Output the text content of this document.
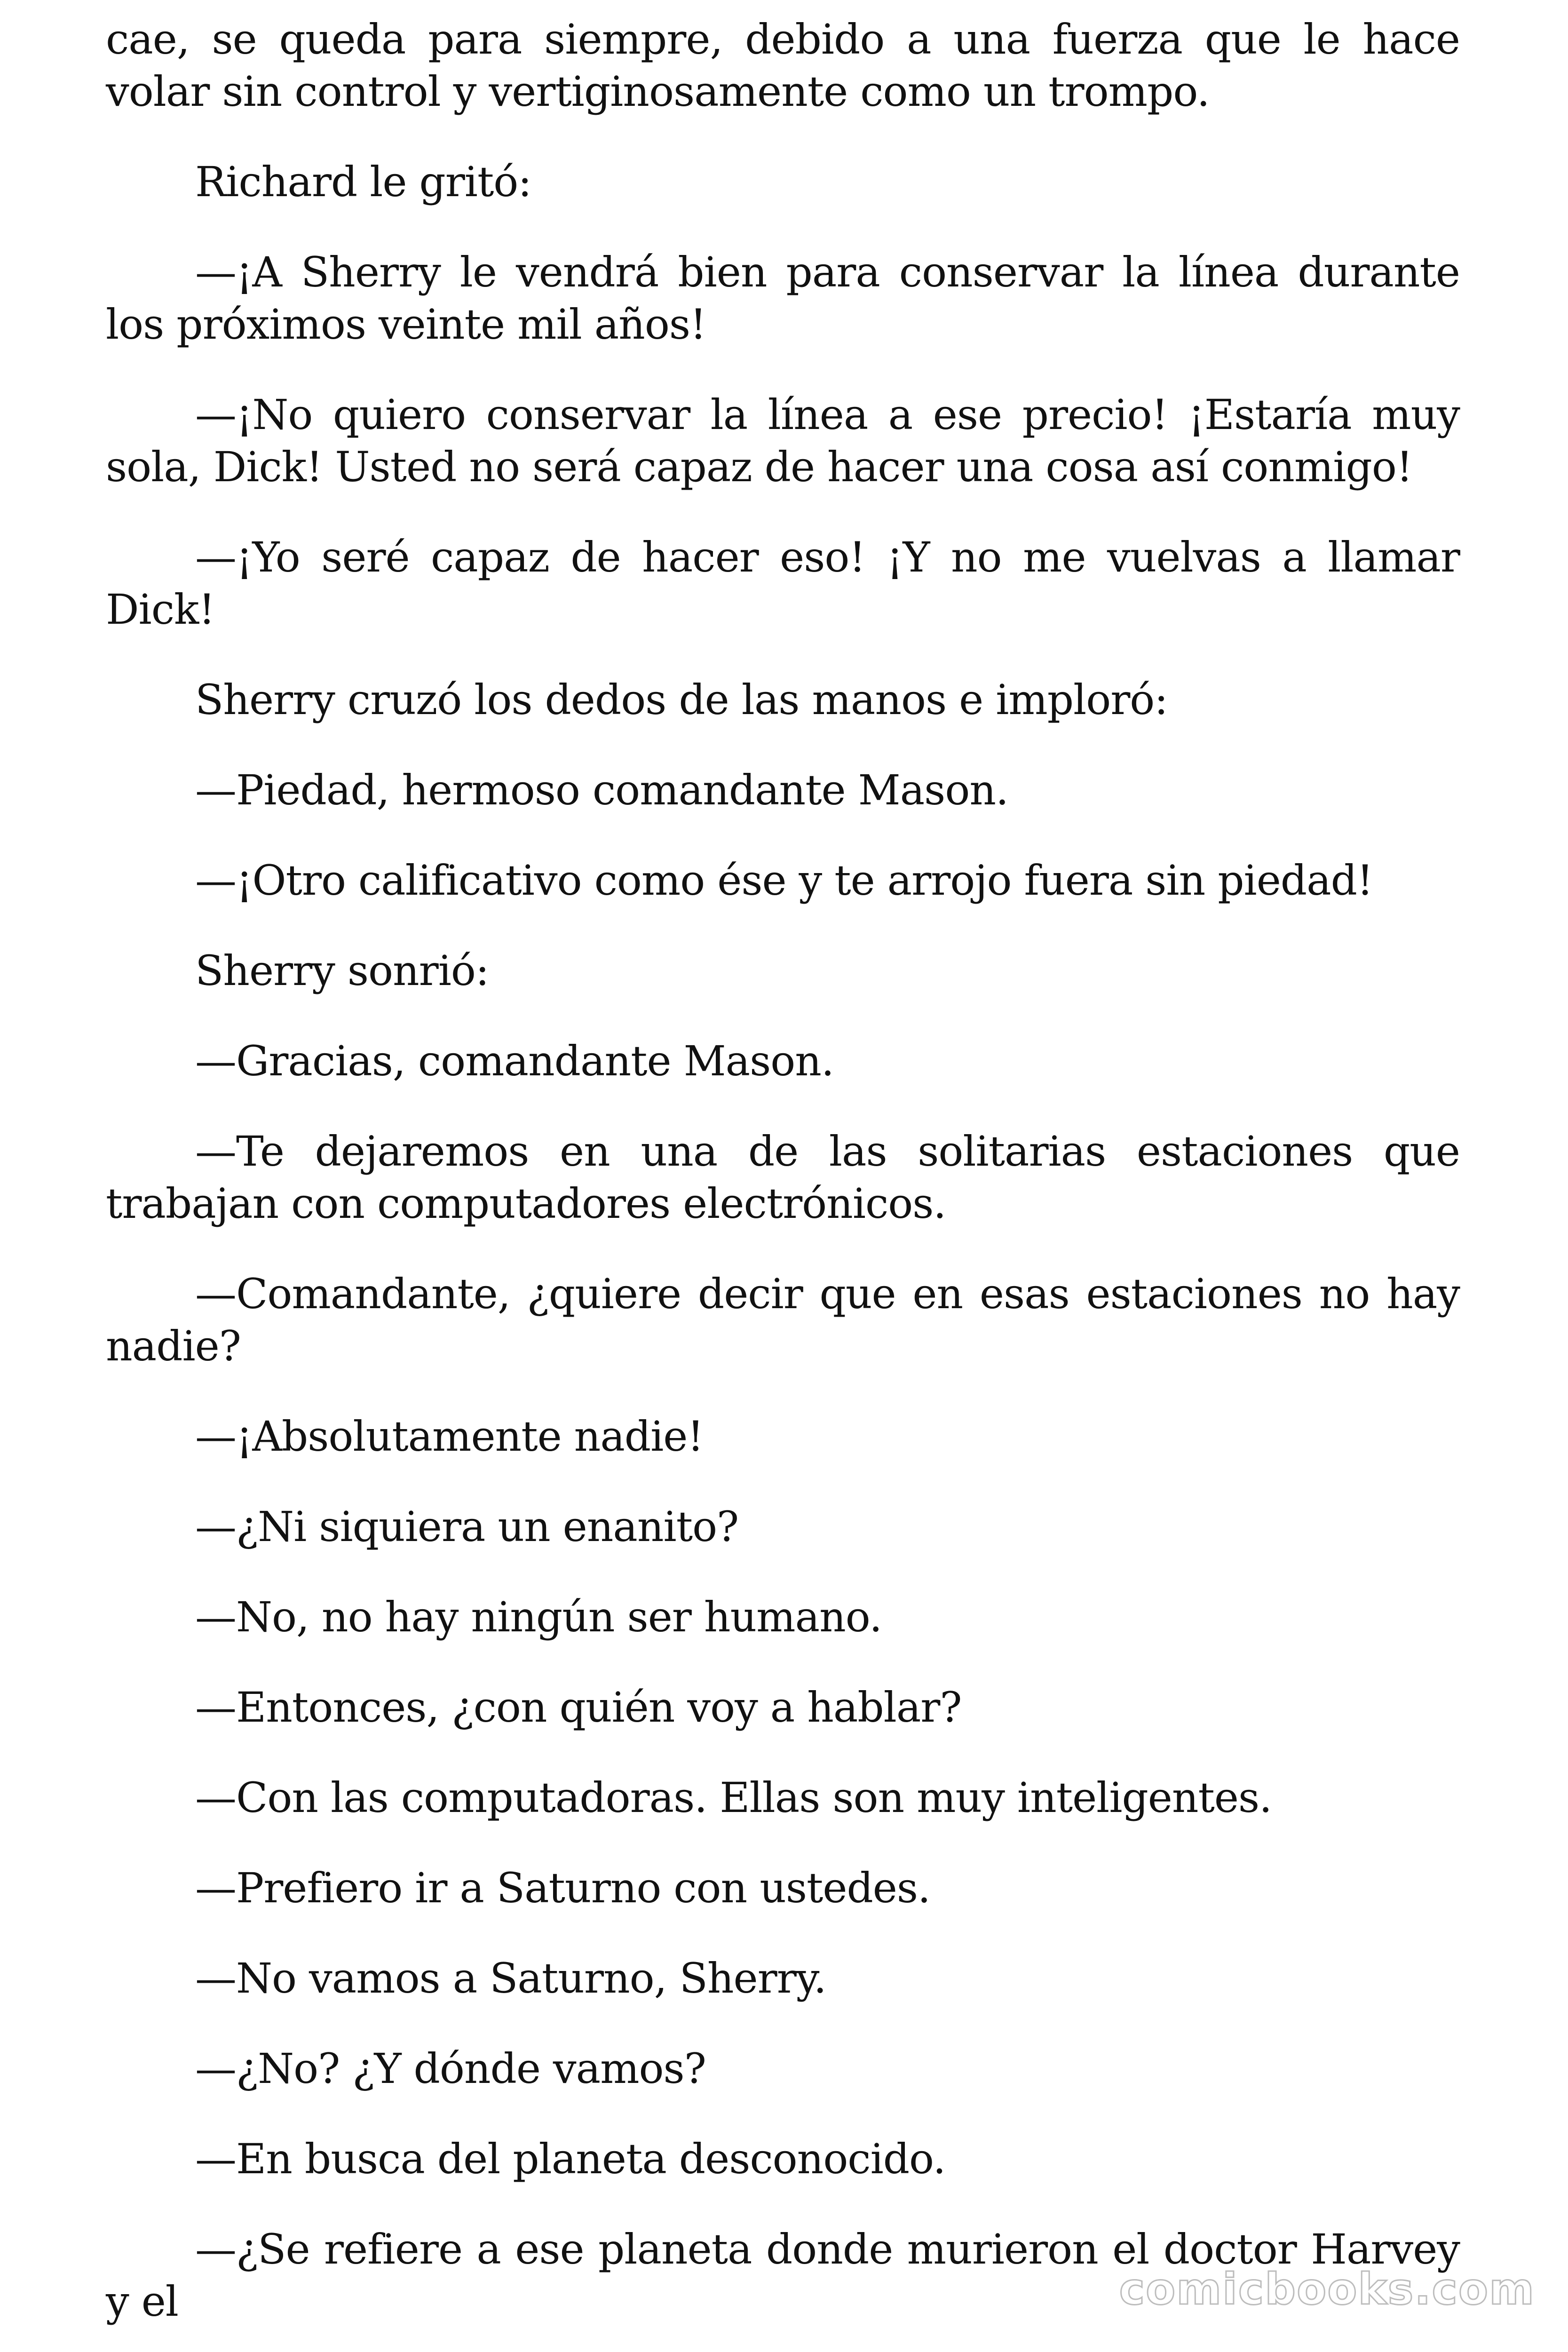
cae, se queda para siempre, debido a una fuerza que le hace volar sin control y vertiginosamente como un trompo.

Richard le gritó:

—¡A Sherry le vendrá bien para conservar la línea durante los próximos veinte mil años!

—¡No quiero conservar la línea a ese precio! ¡Estaría muy sola, Dick! Usted no será capaz de hacer una cosa así conmigo!

—¡Yo seré capaz de hacer eso! ¡Y no me vuelvas a llamar Dick!

Sherry cruzó los dedos de las manos e imploró:

—Piedad, hermoso comandante Mason.

—¡Otro calificativo como ése y te arrojo fuera sin piedad!

Sherry sonrió:

—Gracias, comandante Mason.

—Te dejaremos en una de las solitarias estaciones que trabajan con computadores electrónicos.

—Comandante, ¿quiere decir que en esas estaciones no hay nadie?

—¡Absolutamente nadie!

—¿Ni siquiera un enanito?

—No, no hay ningún ser humano.

—Entonces, ¿con quién voy a hablar?

—Con las computadoras. Ellas son muy inteligentes.

—Prefiero ir a Saturno con ustedes.

—No vamos a Saturno, Sherry.

—¿No? ¿Y dónde vamos?

—En busca del planeta desconocido.

—¿Se refiere a ese planeta donde murieron el doctor Harvey y el	comicbooks.com
